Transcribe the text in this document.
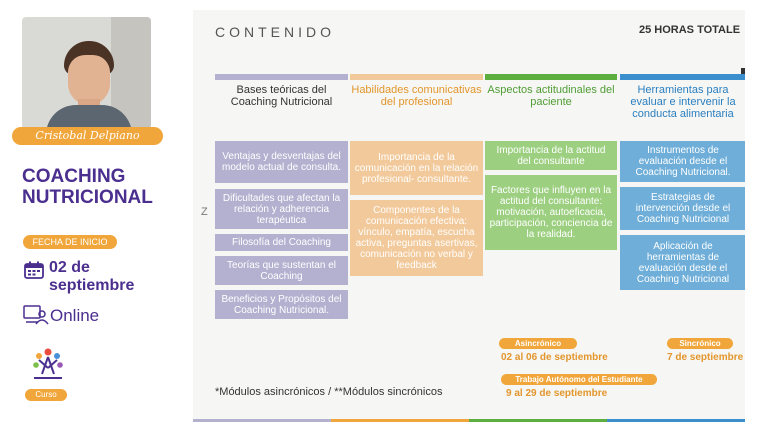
Cristobal Delpiano
COACHING
NUTRICIONAL
FECHA DE INICIO
02 de
septiembre
Online
Curso
CONTENIDO	25 HORAS TOTALE
Bases teóricas del Coaching Nutricional
Habilidades comunicativas del profesional
Aspectos actitudinales del paciente
Herramientas para evaluar e intervenir la conducta alimentaria
Ventajas y desventajas del modelo actual de consulta.
Dificultades que afectan la relación y adherencia terapéutica
Filosofía del Coaching
Teorías que sustentan el Coaching
Beneficios y Propósitos del Coaching Nutricional.
Importancia de la comunicación en la relación profesional- consultante.
Componentes de la comunicación efectiva: vínculo, empatía, escucha activa, preguntas asertivas, comunicación no verbal y feedback
Importancia de la actitud del consultante
Factores que influyen en la actitud del consultante: motivación, autoeficacia, participación, conciencia de la realidad.
Instrumentos de evaluación desde el Coaching Nutricional.
Estrategias de intervención desde el Coaching Nutricional
Aplicación de herramientas de evaluación desde el Coaching Nutricional
Z
Asincrónico
02 al 06 de septiembre
Sincrónico
7 de septiembre
Trabajo Autónomo del Estudiante
9 al 29 de septiembre
*Módulos asincrónicos / **Módulos sincrónicos
